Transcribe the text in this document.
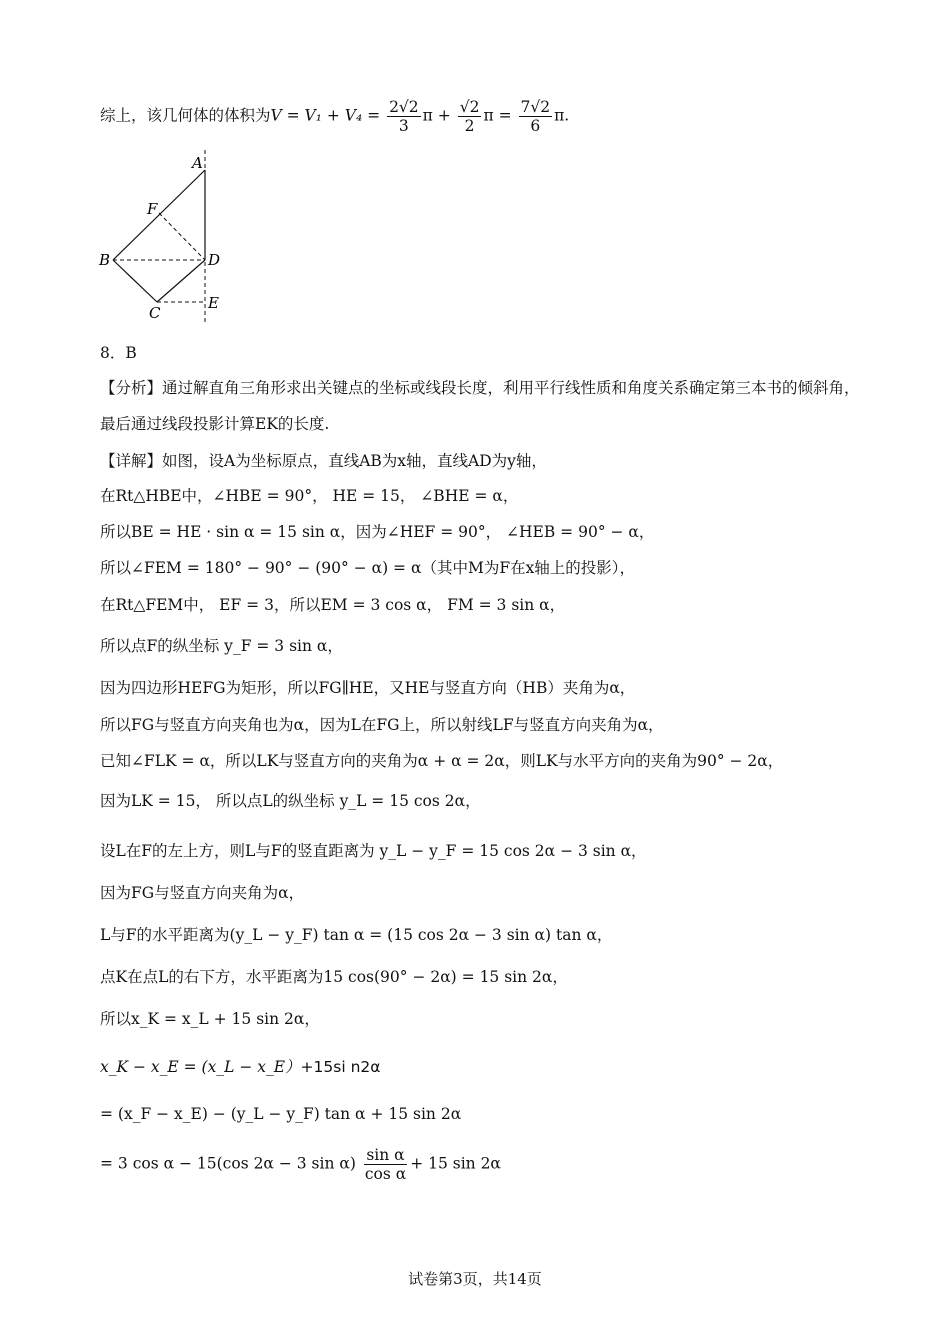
综上，该几何体的体积为$V = V_1 + V_4 = \frac{2√2}{3}$ $\pi + \frac{√2}{2}$ $\pi = \frac{7√2}{6} \pi$.
A
F
B	D
C
E
8．B
【分析】通过解直角三角形求出关键点的坐标或线段长度，利用平行线性质和角度关系确定第三本书的倾斜角，最后通过线段投影计算EK的长度.
【详解】如图，设A为坐标原点，直线AB为x轴，直线AD为y轴，
在Rt△HBE中，∠HBE = 90°， HE = 15， ∠BHE = α，
所以BE = HE · sin α = 15 sin α，因为∠HEF = 90°， ∠HEB = 90° − α，
所以∠FEM = 180° − 90° − (90° − α) = α（其中M为F在x轴上的投影），
在Rt△FEM中， EF = 3，所以EM = 3 cos α， FM = 3 sin α，
所以点F的纵坐标 y_F = 3 sin α，
因为四边形HEFG为矩形，所以FG∥HE，又HE与竖直方向（HB）夹角为α，
所以FG与竖直方向夹角也为α，因为L在FG上，所以射线LF与竖直方向夹角为α，
已知∠FLK = α，所以LK与竖直方向的夹角为α + α = 2α，则LK与水平方向的夹角为90° − 2α，
因为LK = 15， 所以点L的纵坐标 y_L = 15 cos 2α，
设L在F的左上方，则L与F的竖直距离为 y_L − y_F = 15 cos 2α − 3 sin α，
因为FG与竖直方向夹角为α，
L与F的水平距离为(y_L − y_F) tan α = (15 cos 2α − 3 sin α) tan α，
点K在点L的右下方，水平距离为15 cos(90° − 2α) = 15 sin 2α，
所以x_K = x_L + 15 sin 2α，
x_K − x_E = (x_L − x_E）+15si n2α
= (x_F − x_E) − (y_L − y_F) tan α + 15 sin 2α
= 3 cos α − 15(cos 2α − 3 $\sin \alpha) \frac{\text{sin α}}{\text{cos α}} + 15$ sin 2α
试卷第3页，共14页
